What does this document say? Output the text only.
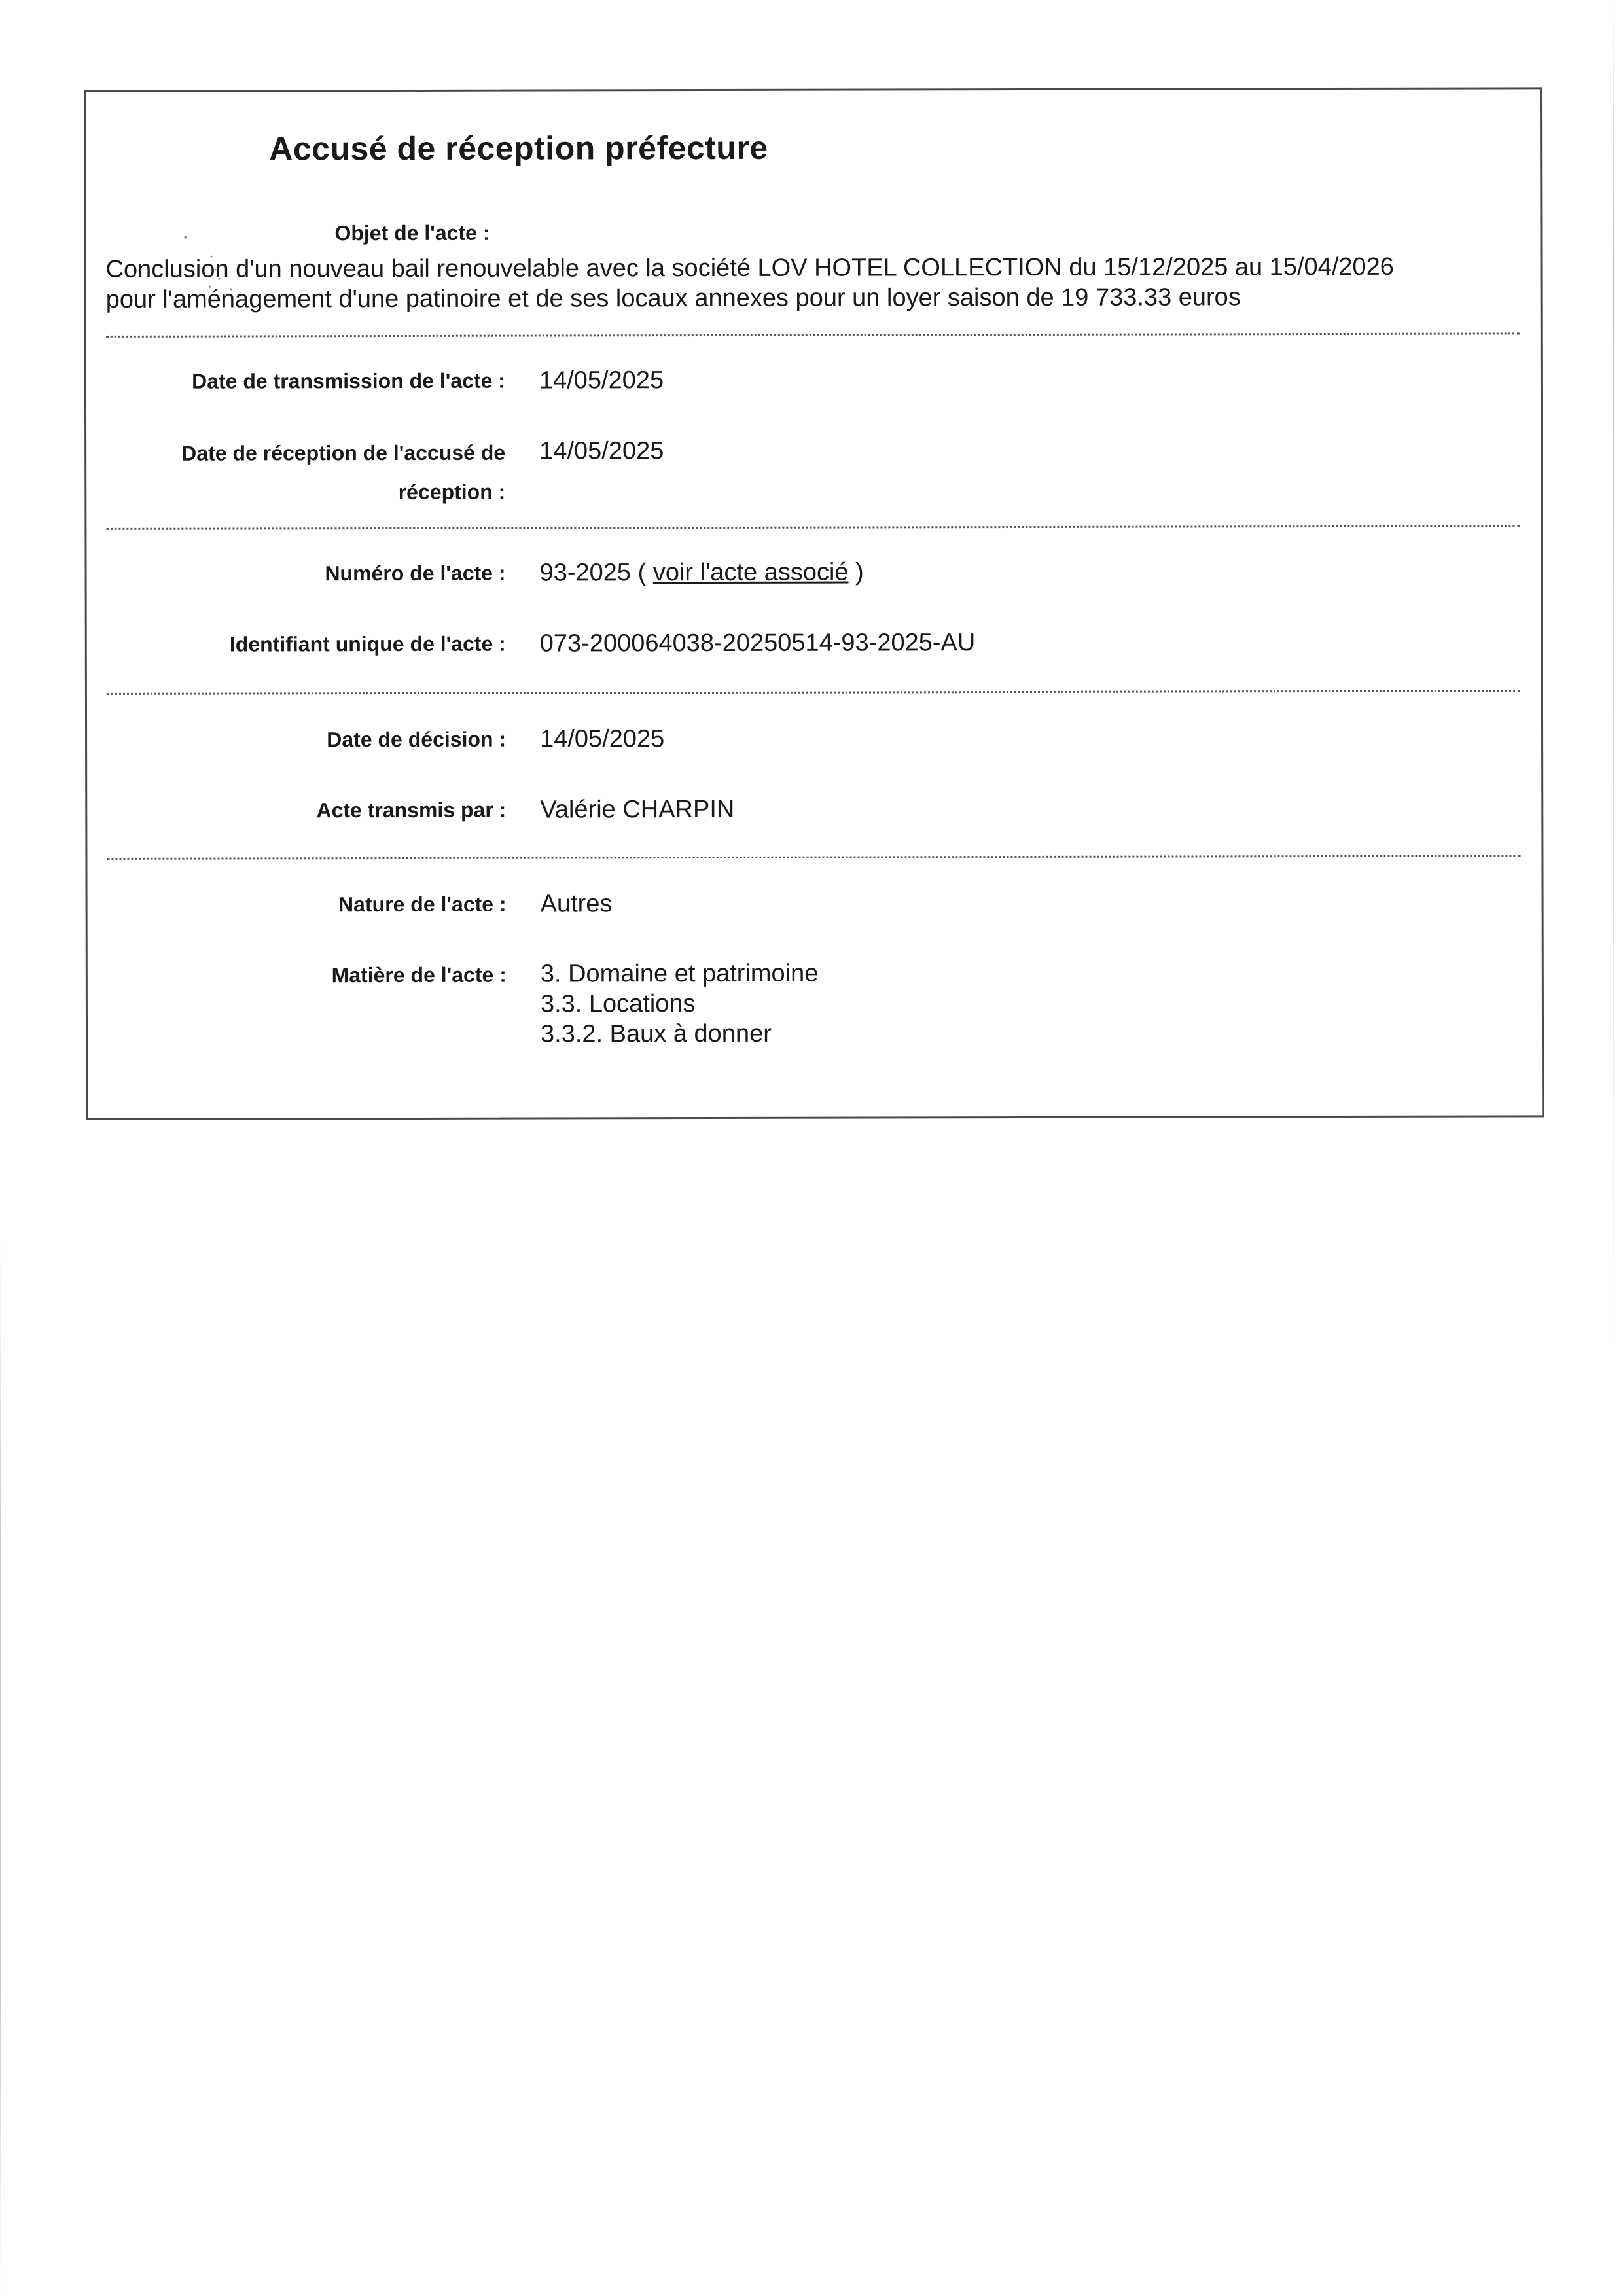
Accusé de réception préfecture
Objet de l'acte :
Conclusion d'un nouveau bail renouvelable avec la société LOV HOTEL COLLECTION du 15/12/2025 au 15/04/2026
pour l'aménagement d'une patinoire et de ses locaux annexes pour un loyer saison de 19 733.33 euros
Date de transmission de l'acte : 14/05/2025
Date de réception de l'accusé de
réception :
14/05/2025
Numéro de l'acte : 93-2025 ( voir l'acte associé )
Identifiant unique de l'acte : 073-200064038-20250514-93-2025-AU
Date de décision : 14/05/2025
Acte transmis par : Valérie CHARPIN
Nature de l'acte : Autres
Matière de l'acte : 3. Domaine et patrimoine
3.3. Locations
3.3.2. Baux à donner
